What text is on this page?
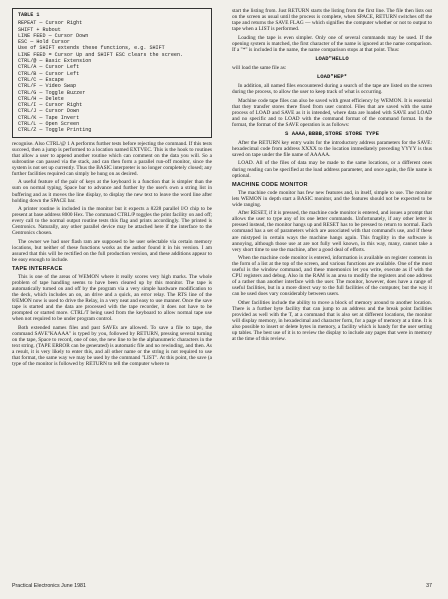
TABLE 1
REPEAT — Cursor Right
SHIFT + Rubout
LINE FEED — Cursor Down
ESC — Hold Cursor
Use of SHIFT extends these functions, e.g. SHIFT
LINE FEED = Cursor Up and SHIFT ESC clears the screen.
CTRL/@ — Basic Extension
CTRL/A — Cursor Left
CTRL/B — Cursor Left
CTRL/C — Escape
CTRL/F — Video Swap
CTRL/G — Toggle Buzzer
CTRL/H — Delete
CTRL/I — Cursor Right
CTRL/J — Cursor Down
CTRL/K — Tape Invert
CTRL/L — Open Screen
CTRL/Z — Toggle Printing

recognise. Also CTRL/@ 1 A performs further tests before rejecting the command. If this tests succeed, then a jump is performed to a location named EXTVEC. This is the hook to routines that allow a user to append another routine which can comment on the data you will. So a subroutine can passed via the stack, and can then form a parallel run-off monitor, since the system is not set up currently. Thus the BASIC interpreter is no longer completely closed; any further facilities required can simply be hung on as desired.

A useful feature of the pair of keys at the keyboard is a function that is simpler than the sum on normal typing, Space bar to advance and further by the user's own a string list in buffering and as it moves the line display, to display the new text to leave the word line after holding down the SPACE bar.

A printer routine is included in the monitor but it expects a 8228 parallel I/O chip to be present at base address 8000 Hex. The command CTRL/P toggles the print facility on and off; every call to the normal output routine tests this flag and prints accordingly. The printed is Centronics. Naturally, any other parallel device may be attached here if the interface to the Centronics chosen.

The owner we had user flash ram are supposed to be user selectable via certain memory locations, but neither of these functions works as the author found it in his version. I am assured that this will be rectified on the full production version, and these additions appear to be easy enough to include.

TAPE INTERFACE

This is one of the areas of WEMON where it really scores very high marks. The whole problem of tape handling seems to have been cleared up by this monitor. The tape is automatically turned on and off by the program via a very simple hardware modification to the deck, which includes an on, an drive and a quick, an error relay. The RTS line of the 8/EMON now is used to drive the Relay, in a very neat and easy to use manner. Once the save tape is started and the data are processed with the tape recorder, it does not have to be prompted or started more. CTRL/T being used from the keyboard to allow normal tape use when not required to be under program control.

Both extended names files and past SAVEs are allowed. To save a file to tape, the command SAVE"KAAAA" is typed by you, followed by RETURN, pressing several turning on the tape, Space to record, one of one, the new line to be the alphanumeric characters in the text string. (TAPE ERROR can be generated) is automatic file and no rewinding, and then. As a result, it is very likely to enter this, and all other name or the string is not required to use that format, the same way we may be used by the command "LIST". At this point, the save (a type of the monitor is followed by RETURN to tell the computer where to

start the listing from. Just RETURN starts the listing from the first line. The file then lists out on the screen as usual until the process is complete, when SPACE, RETURN switches off the tape and returns the SAVE FLAG — which signifies the computer whether or not to output to tape when a LIST is performed.

Loading the tape is even simpler. Only one of several commands may be used. If the opening system is matched, the first character of the name is ignored at the name comparison. If a "*" is included in the name, the name comparison stops at that point. Thus:

LOAD"HELLO

will load the same file as:

LOAD"HEP*

In addition, all named files encountered during a search of the tape are listed on the screen during the process, to allow the user to keep track of what is occurring.

Machine code tape files can also be saved with great efficiency by WEMON. It is essential that they transfer stores there fixed from user control. Files that are saved with the same process of LOAD and SAVE as it is intended, where data are loaded with SAVE and LOAD and no specific and to LOAD with the command format of the command format. In the format, the format of the SAVE operation is as follows:

S AAAA,BBBB,STORE STORE TYPE

After the RETURN key entry waits for the introductory address parameters for the SAVE: hexadecimal code from address XXXX to the location immediately preceding YYYY is thus saved on tape under the file name of AAAAA.

LOAD. All of the files of data may be made to the same locations, or a different ones during reading can be specified at the load address parameter, and once again, the file name is optional.

MACHINE CODE MONITOR

The machine code monitor has few new features and, in itself, simple to use. The monitor lets WEMON in depth start a BASIC monitor, and the features should not be expected to be wide ranging.

After RESET, if it is pressed, the machine code monitor is entered, and issues a prompt that allows the user to type any of its one letter commands. Unfortunately, if any other letter is pressed instead, the monitor hangs up and RESET has to be pressed to return to normal. Each command has a set of parameters which are associated with that command's use, and if these are mistyped in certain ways the machine hangs again. This fragility in the software is annoying, although those use at are not fully well known, in this way, many, cannot take a very short time to use the machine, after a good deal of efforts.

When the machine code monitor is entered, information is available on register contents in the form of a list at the top of the screen, and various functions are available. One of the most useful is the window command, and these mnemonics let you write, execute as if with the CPU registers and debug. Also in the RAM is an area to modify the registers and one address of a rather than another interface with the user. The monitor, however, does have a range of useful facilities, but in a more direct way to the full facilities of the computer, but the way it can be used does vary considerably between users.

Other facilities include the ability to move a block of memory around to another location. There is a further byte facility that can jump to an address and the break point facilities provided as well with the T, at a command that is also set at different locations, the monitor will display memory, in hexadecimal and character form, for a page of memory at a time. It is also possible to insert or delete bytes in memory, a facility which is handy for the user setting up tables. The best use of it is to review the display to include any pages that were in memory at the time of this review.

Practical Electronics June 1981	37
